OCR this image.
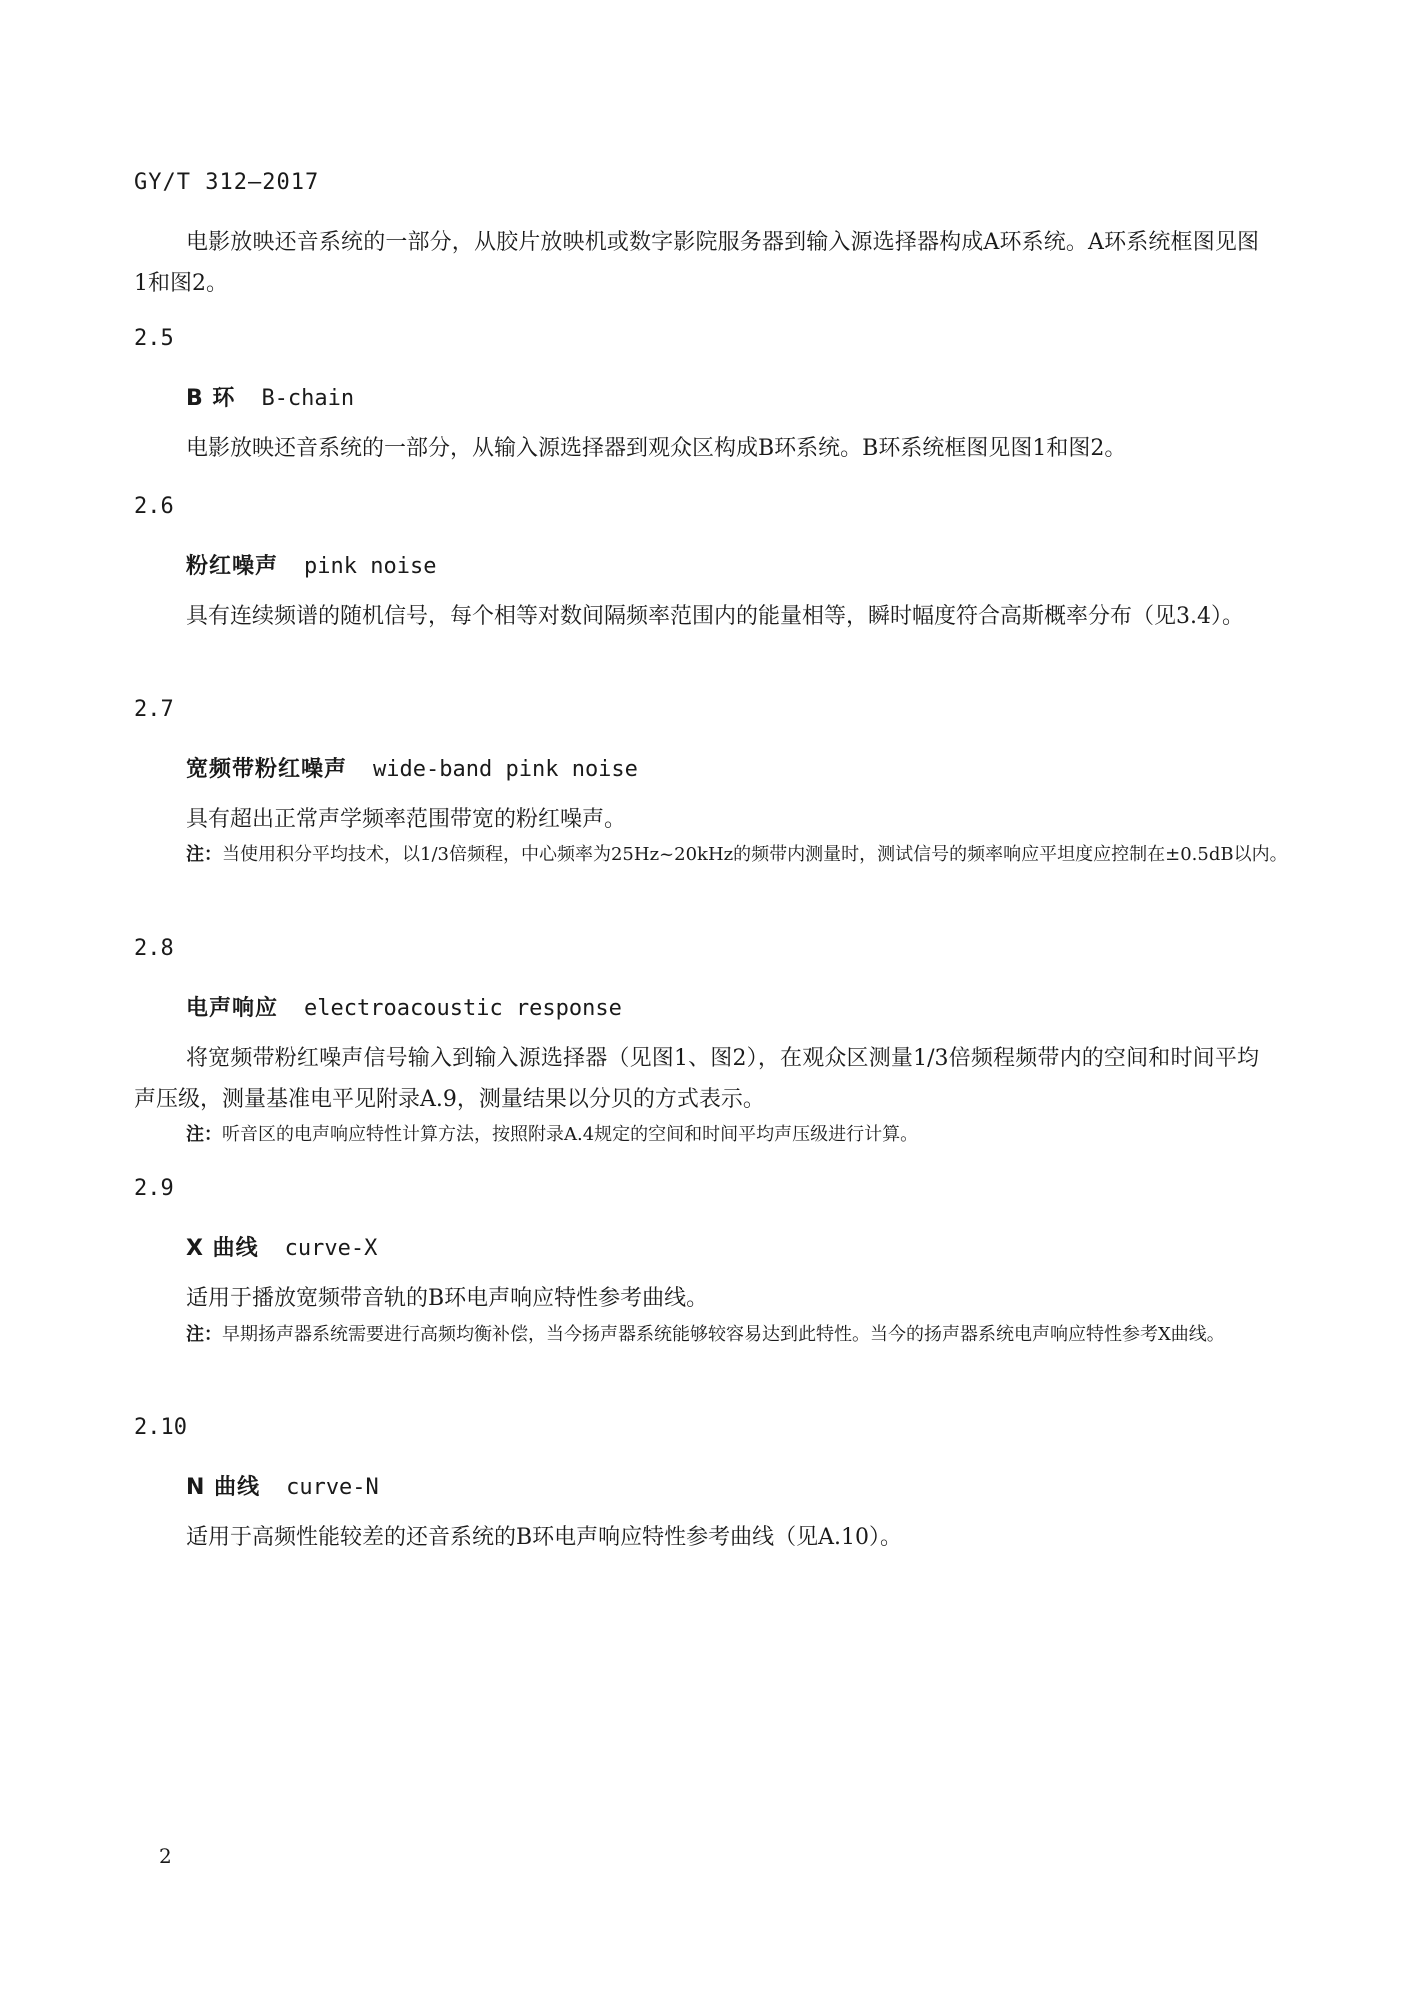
GY/T 312—2017

电影放映还音系统的一部分，从胶片放映机或数字影院服务器到输入源选择器构成A环系统。A环系统框图见图1和图2。

2.5
B 环 B-chain

电影放映还音系统的一部分，从输入源选择器到观众区构成B环系统。B环系统框图见图1和图2。

2.6
粉红噪声 pink noise

具有连续频谱的随机信号，每个相等对数间隔频率范围内的能量相等，瞬时幅度符合高斯概率分布（见3.4）。

2.7
宽频带粉红噪声 wide-band pink noise

具有超出正常声学频率范围带宽的粉红噪声。

注：当使用积分平均技术，以1/3倍频程，中心频率为25Hz~20kHz的频带内测量时，测试信号的频率响应平坦度应控制在±0.5dB以内。

2.8
电声响应 electroacoustic response

将宽频带粉红噪声信号输入到输入源选择器（见图1、图2），在观众区测量1/3倍频程频带内的空间和时间平均声压级，测量基准电平见附录A.9，测量结果以分贝的方式表示。

注：听音区的电声响应特性计算方法，按照附录A.4规定的空间和时间平均声压级进行计算。

2.9
X 曲线 curve-X

适用于播放宽频带音轨的B环电声响应特性参考曲线。

注：早期扬声器系统需要进行高频均衡补偿，当今扬声器系统能够较容易达到此特性。当今的扬声器系统电声响应特性参考X曲线。

2.10
N 曲线 curve-N

适用于高频性能较差的还音系统的B环电声响应特性参考曲线（见A.10）。

2
